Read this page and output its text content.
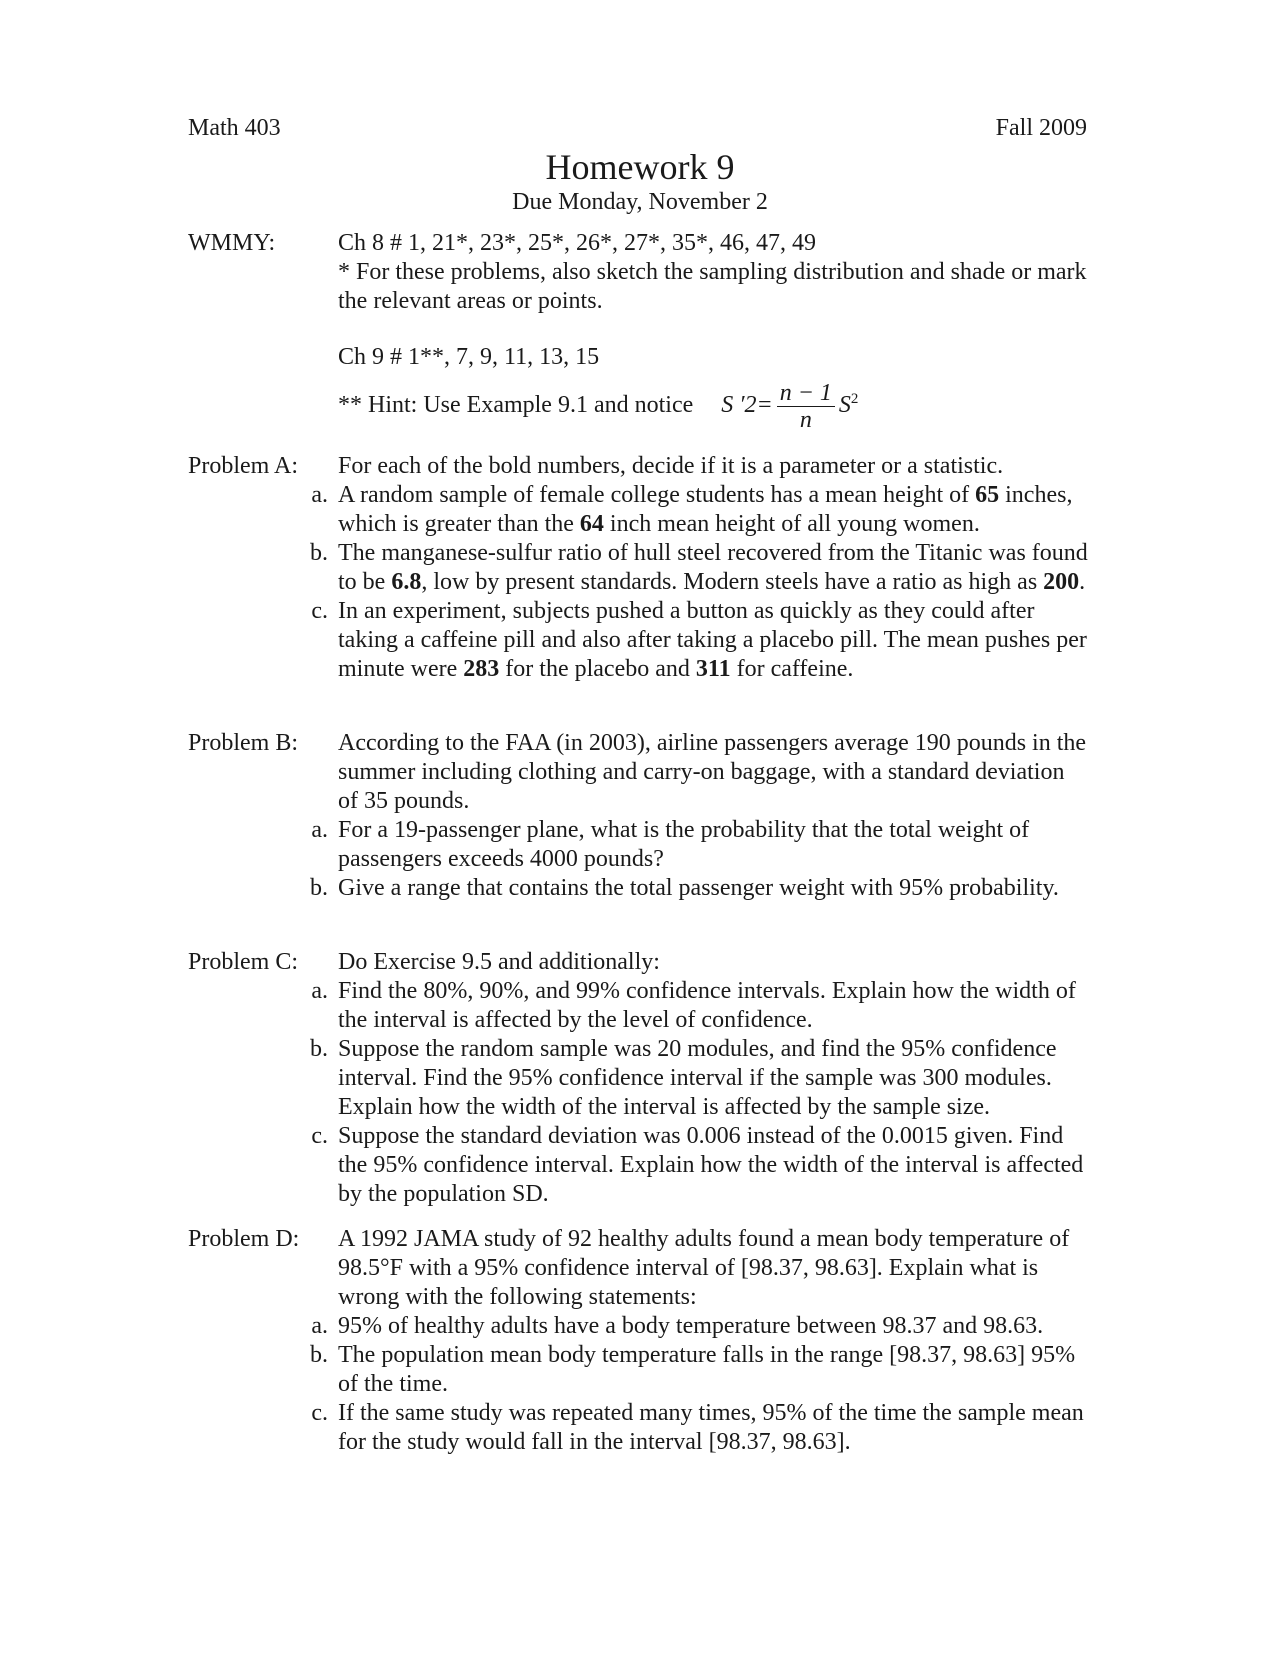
Math 403	Fall 2009
Homework 9
Due Monday, November 2
WMMY:	Ch 8 # 1, 21*, 23*, 25*, 26*, 27*, 35*, 46, 47, 49

* For these problems, also sketch the sampling distribution and shade or mark the relevant areas or points.

Ch 9 # 1**, 7, 9, 11, 13, 15

** Hint: Use Example 9.1 and notice S $'2= \frac{n - 1}{n} S^2$

Problem A:	For each of the bold numbers, decide if it is a parameter or a statistic.

a. A random sample of female college students has a mean height of 65 inches, which is greater than the 64 inch mean height of all young women.
b. The manganese-sulfur ratio of hull steel recovered from the Titanic was found to be 6.8, low by present standards. Modern steels have a ratio as high as 200.
c. In an experiment, subjects pushed a button as quickly as they could after taking a caffeine pill and also after taking a placebo pill. The mean pushes per minute were 283 for the placebo and 311 for caffeine.
Problem B:	According to the FAA (in 2003), airline passengers average 190 pounds in the summer including clothing and carry-on baggage, with a standard deviation of 35 pounds.

a. For a 19-passenger plane, what is the probability that the total weight of passengers exceeds 4000 pounds?
b. Give a range that contains the total passenger weight with 95% probability.
Problem C:	Do Exercise 9.5 and additionally:

a. Find the 80%, 90%, and 99% confidence intervals. Explain how the width of the interval is affected by the level of confidence.
b. Suppose the random sample was 20 modules, and find the 95% confidence interval. Find the 95% confidence interval if the sample was 300 modules. Explain how the width of the interval is affected by the sample size.
c. Suppose the standard deviation was 0.006 instead of the 0.0015 given. Find the 95% confidence interval. Explain how the width of the interval is affected by the population SD.
Problem D:	A 1992 JAMA study of 92 healthy adults found a mean body temperature of 98.5°F with a 95% confidence interval of [98.37, 98.63]. Explain what is wrong with the following statements:

a. 95% of healthy adults have a body temperature between 98.37 and 98.63.
b. The population mean body temperature falls in the range [98.37, 98.63] 95% of the time.
c. If the same study was repeated many times, 95% of the time the sample mean for the study would fall in the interval [98.37, 98.63].
